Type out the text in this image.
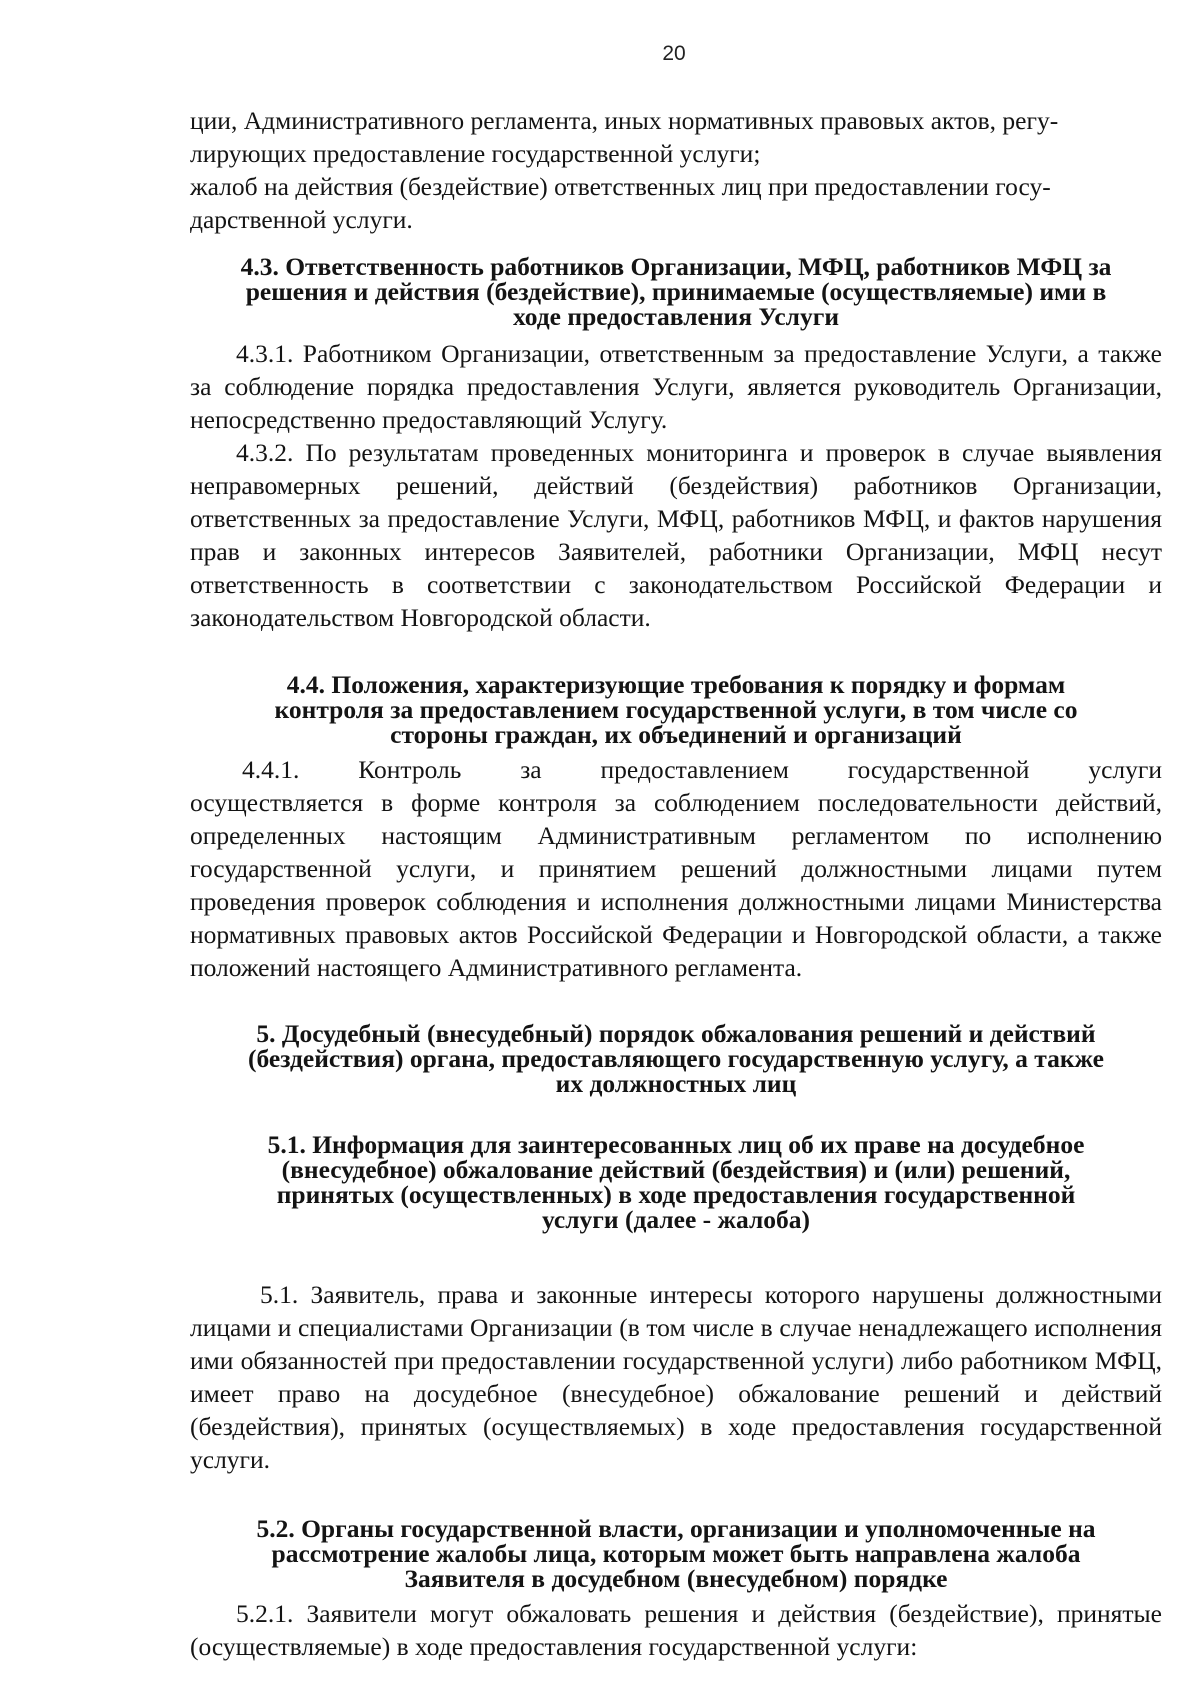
20

ции, Административного регламента, иных нормативных правовых актов, регу-
лирующих предоставление государственной услуги;
жалоб на действия (бездействие) ответственных лиц при предоставлении госу-
дарственной услуги.

4.3. Ответственность работников Организации, МФЦ, работников МФЦ за
решения и действия (бездействие), принимаемые (осуществляемые) ими в
ходе предоставления Услуги

4.3.1. Работником Организации, ответственным за предоставление Услуги, а также за соблюдение порядка предоставления Услуги, является руководитель Организации, непосредственно предоставляющий Услугу.

4.3.2. По результатам проведенных мониторинга и проверок в случае выявления неправомерных решений, действий (бездействия) работников Организации, ответственных за предоставление Услуги, МФЦ, работников МФЦ, и фактов нарушения прав и законных интересов Заявителей, работники Организации, МФЦ несут ответственность в соответствии с законодательством Российской Федерации и законодательством Новгородской области.

4.4. Положения, характеризующие требования к порядку и формам
контроля за предоставлением государственной услуги, в том числе со
стороны граждан, их объединений и организаций

4.4.1. Контроль за предоставлением государственной услуги

осуществляется в форме контроля за соблюдением последовательности действий, определенных настоящим Административным регламентом по исполнению государственной услуги, и принятием решений должностными лицами путем проведения проверок соблюдения и исполнения должностными лицами Министерства нормативных правовых актов Российской Федерации и Новгородской области, а также положений настоящего Административного регламента.

5. Досудебный (внесудебный) порядок обжалования решений и действий
(бездействия) органа, предоставляющего государственную услугу, а также
их должностных лиц
5.1. Информация для заинтересованных лиц об их праве на досудебное
(внесудебное) обжалование действий (бездействия) и (или) решений,
принятых (осуществленных) в ходе предоставления государственной
услуги (далее - жалоба)

5.1. Заявитель, права и законные интересы которого нарушены должностными лицами и специалистами Организации (в том числе в случае ненадлежащего исполнения ими обязанностей при предоставлении государственной услуги) либо работником МФЦ, имеет право на досудебное (внесудебное) обжалование решений и действий (бездействия), принятых (осуществляемых) в ходе предоставления государственной услуги.

5.2. Органы государственной власти, организации и уполномоченные на
рассмотрение жалобы лица, которым может быть направлена жалоба
Заявителя в досудебном (внесудебном) порядке

5.2.1. Заявители могут обжаловать решения и действия (бездействие), принятые (осуществляемые) в ходе предоставления государственной услуги:
